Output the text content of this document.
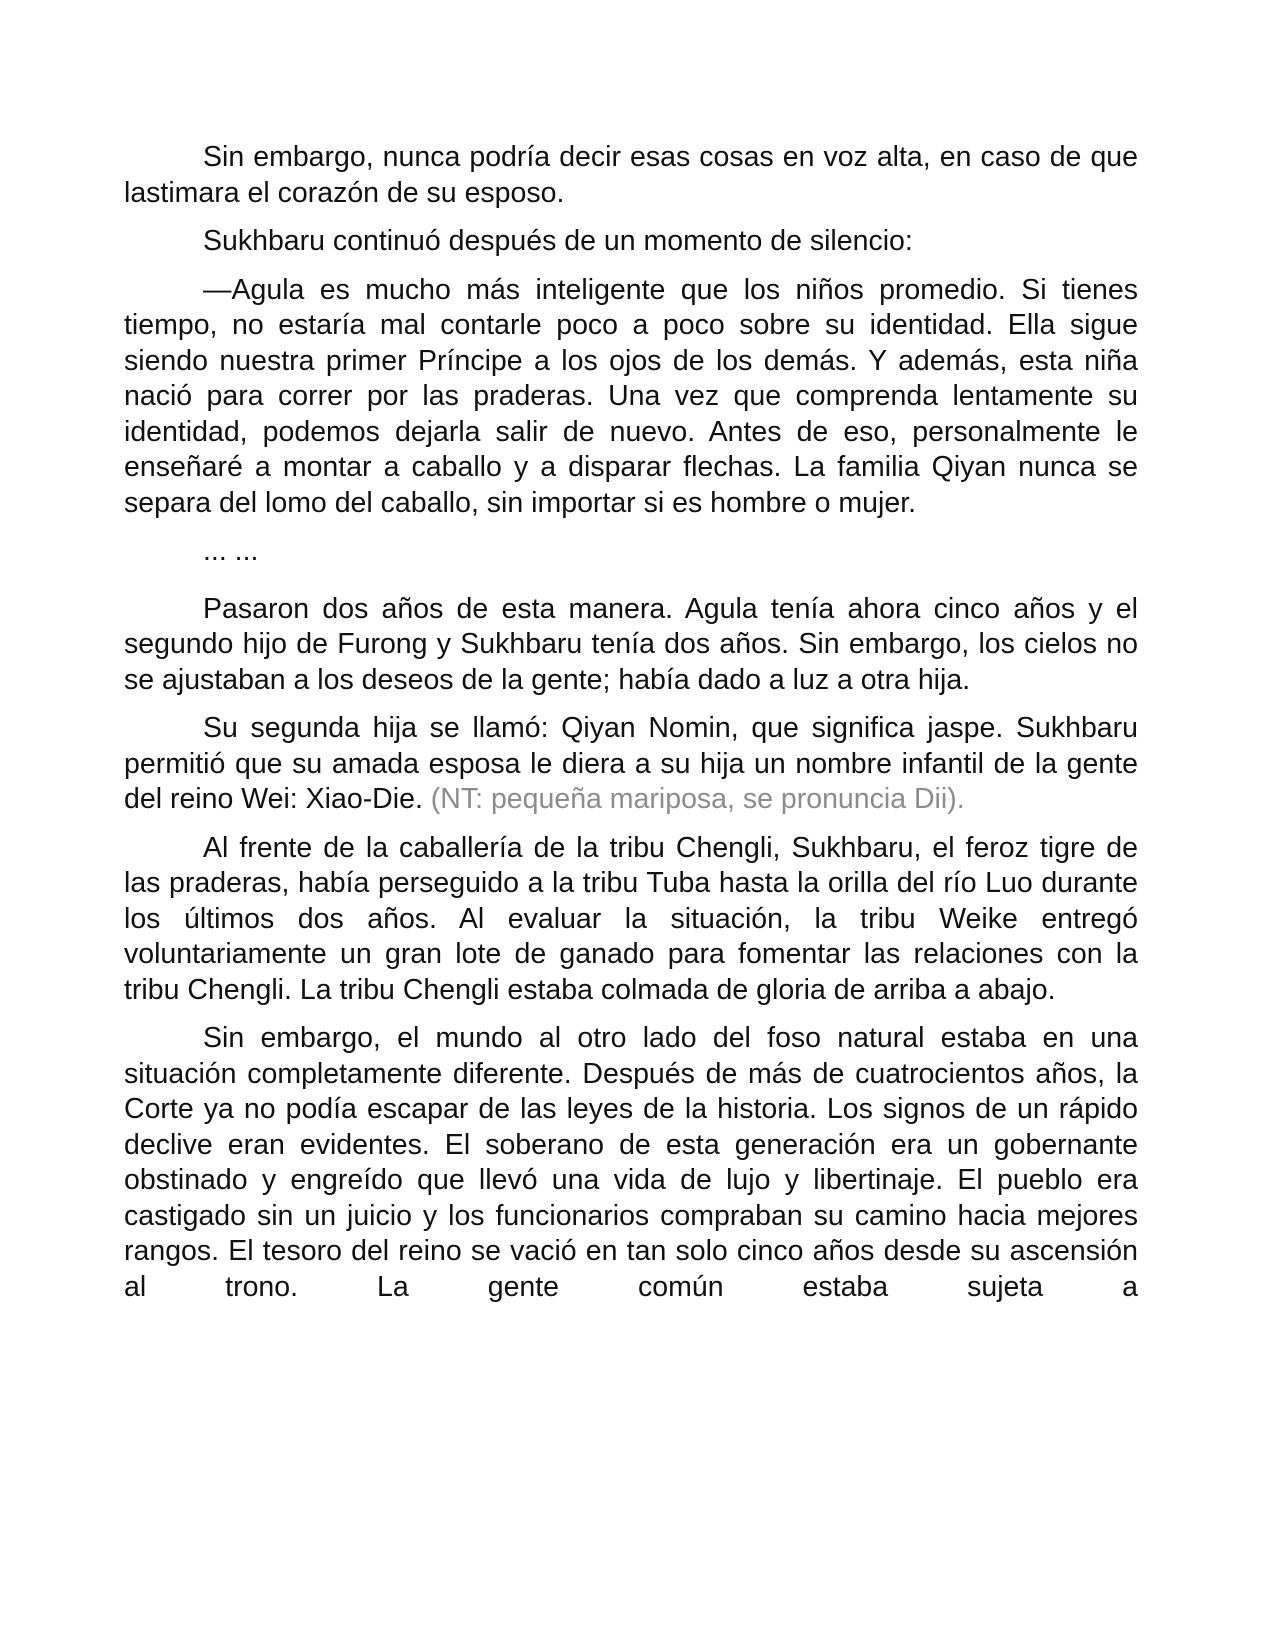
Sin embargo, nunca podría decir esas cosas en voz alta, en caso de que lastimara el corazón de su esposo.

Sukhbaru continuó después de un momento de silencio:

—Agula es mucho más inteligente que los niños promedio. Si tienes tiempo, no estaría mal contarle poco a poco sobre su identidad. Ella sigue siendo nuestra primer Príncipe a los ojos de los demás. Y además, esta niña nació para correr por las praderas. Una vez que comprenda lentamente su identidad, podemos dejarla salir de nuevo. Antes de eso, personalmente le enseñaré a montar a caballo y a disparar flechas. La familia Qiyan nunca se separa del lomo del caballo, sin importar si es hombre o mujer.

... ...

Pasaron dos años de esta manera. Agula tenía ahora cinco años y el segundo hijo de Furong y Sukhbaru tenía dos años. Sin embargo, los cielos no se ajustaban a los deseos de la gente; había dado a luz a otra hija.

Su segunda hija se llamó: Qiyan Nomin, que significa jaspe. Sukhbaru permitió que su amada esposa le diera a su hija un nombre infantil de la gente del reino Wei: Xiao-Die. (NT: pequeña mariposa, se pronuncia Dii).

Al frente de la caballería de la tribu Chengli, Sukhbaru, el feroz tigre de las praderas, había perseguido a la tribu Tuba hasta la orilla del río Luo durante los últimos dos años. Al evaluar la situación, la tribu Weike entregó voluntariamente un gran lote de ganado para fomentar las relaciones con la tribu Chengli. La tribu Chengli estaba colmada de gloria de arriba a abajo.

Sin embargo, el mundo al otro lado del foso natural estaba en una situación completamente diferente. Después de más de cuatrocientos años, la Corte ya no podía escapar de las leyes de la historia. Los signos de un rápido declive eran evidentes. El soberano de esta generación era un gobernante obstinado y engreído que llevó una vida de lujo y libertinaje. El pueblo era castigado sin un juicio y los funcionarios compraban su camino hacia mejores rangos. El tesoro del reino se vació en tan solo cinco años desde su ascensión al trono. La gente común estaba sujeta a
